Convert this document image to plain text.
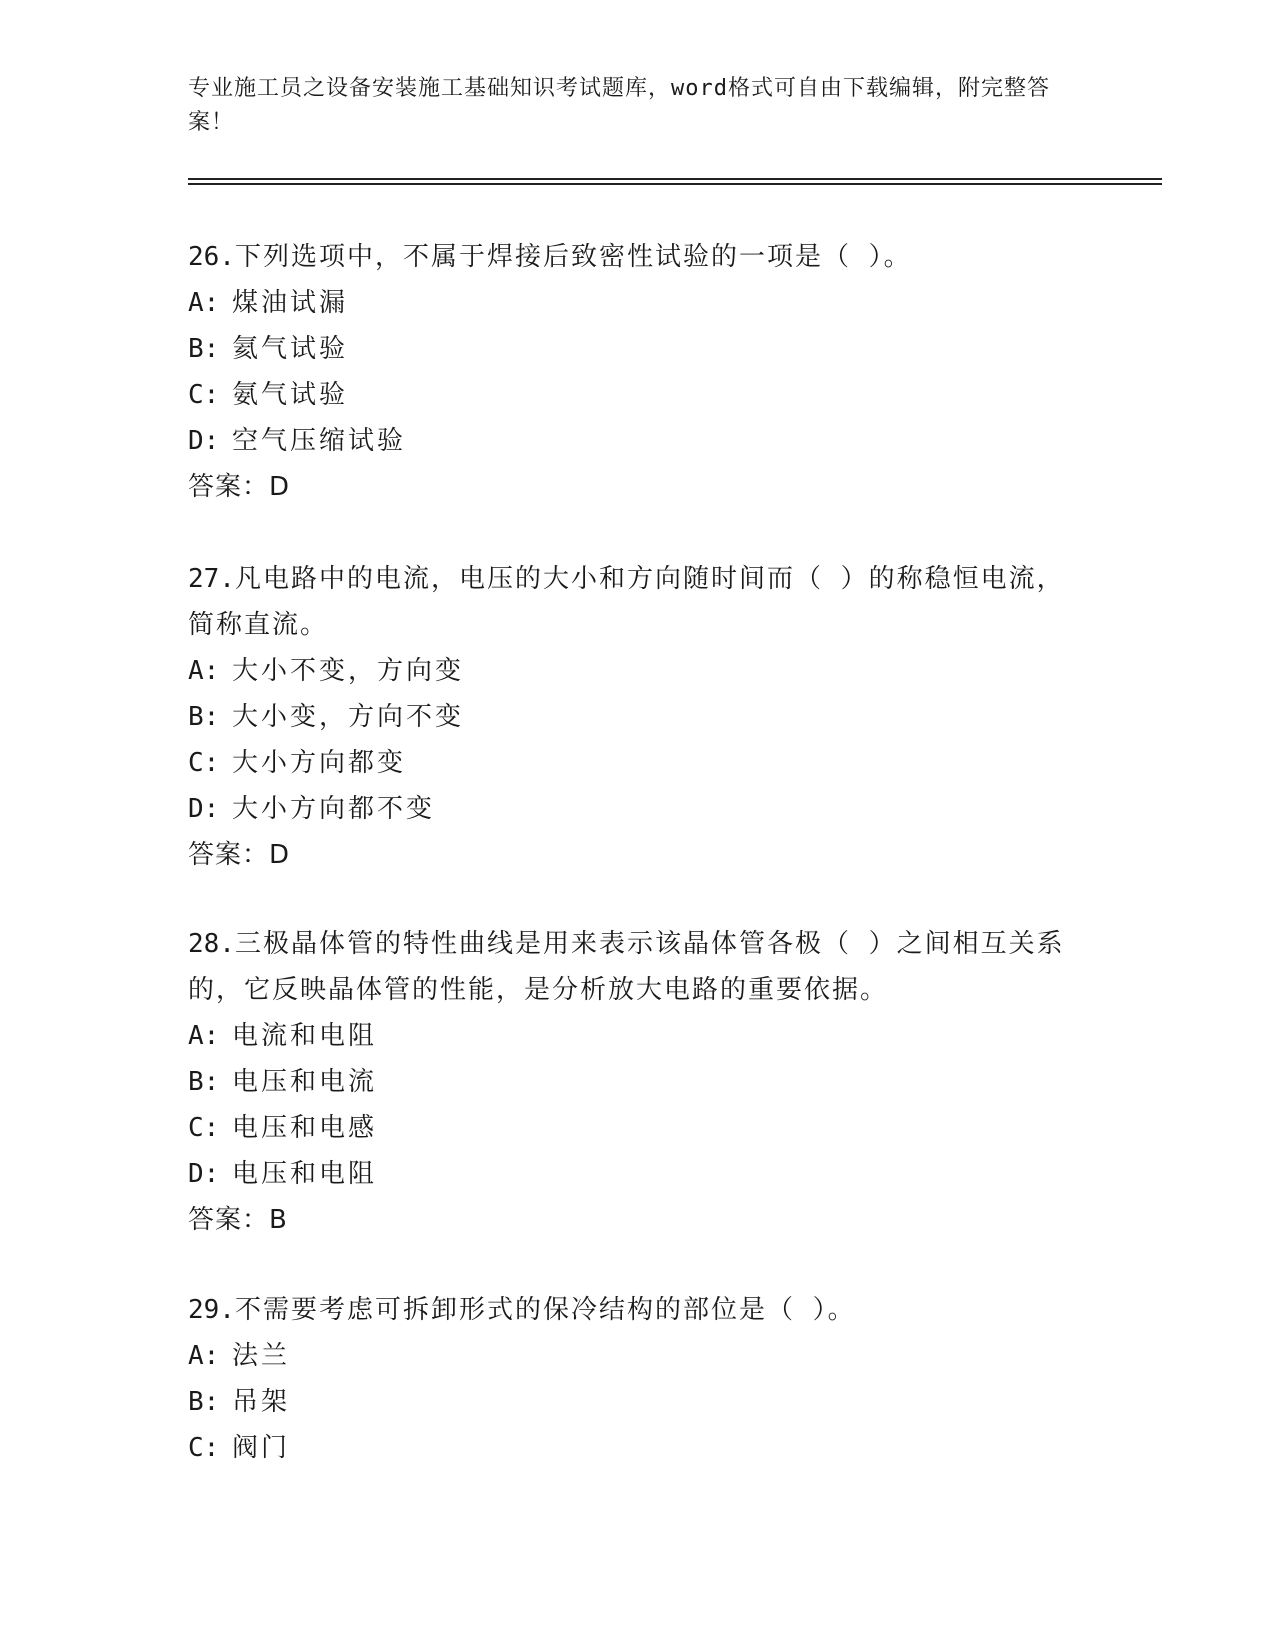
专业施工员之设备安装施工基础知识考试题库，word格式可自由下载编辑，附完整答案！
26.下列选项中，不属于焊接后致密性试验的一项是（ ）。
A: 煤油试漏
B: 氦气试验
C: 氨气试验
D: 空气压缩试验
答案：D
27.凡电路中的电流，电压的大小和方向随时间而（ ）的称稳恒电流，简称直流。
A: 大小不变，方向变
B: 大小变，方向不变
C: 大小方向都变
D: 大小方向都不变
答案：D
28.三极晶体管的特性曲线是用来表示该晶体管各极（ ）之间相互关系的，它反映晶体管的性能，是分析放大电路的重要依据。
A: 电流和电阻
B: 电压和电流
C: 电压和电感
D: 电压和电阻
答案：B
29.不需要考虑可拆卸形式的保冷结构的部位是（ ）。
A: 法兰
B: 吊架
C: 阀门
